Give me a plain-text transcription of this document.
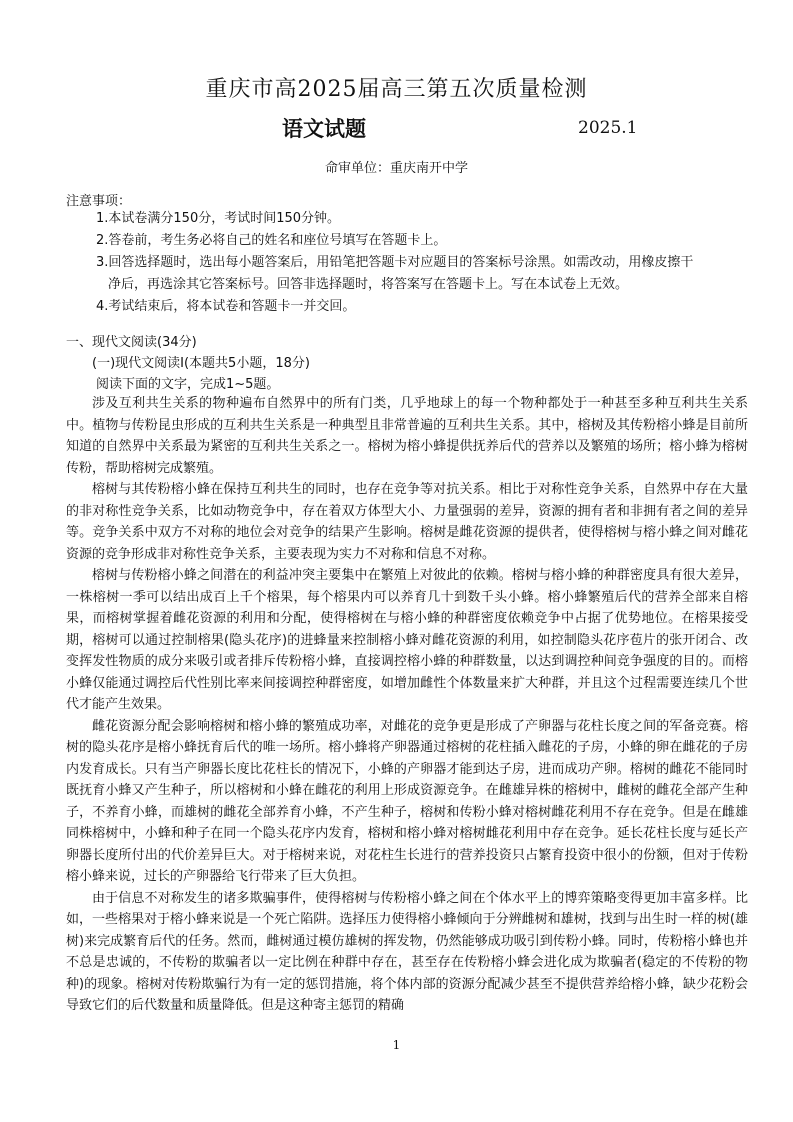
重庆市高2025届高三第五次质量检测
语文试题	2025.1
命审单位：重庆南开中学
注意事项：
1.本试卷满分150分，考试时间150分钟。
2.答卷前，考生务必将自己的姓名和座位号填写在答题卡上。
3.回答选择题时，选出每小题答案后，用铅笔把答题卡对应题目的答案标号涂黑。如需改动，用橡皮擦干
净后，再选涂其它答案标号。回答非选择题时，将答案写在答题卡上。写在本试卷上无效。
4.考试结束后，将本试卷和答题卡一并交回。
一、现代文阅读(34分)
(一)现代文阅读Ⅰ(本题共5小题，18分)
阅读下面的文字，完成1~5题。

涉及互利共生关系的物种遍布自然界中的所有门类，几乎地球上的每一个物种都处于一种甚至多种互利共生关系中。植物与传粉昆虫形成的互利共生关系是一种典型且非常普遍的互利共生关系。其中，榕树及其传粉榕小蜂是目前所知道的自然界中关系最为紧密的互利共生关系之一。榕树为榕小蜂提供抚养后代的营养以及繁殖的场所；榕小蜂为榕树传粉，帮助榕树完成繁殖。

榕树与其传粉榕小蜂在保持互利共生的同时，也存在竞争等对抗关系。相比于对称性竞争关系，自然界中存在大量的非对称性竞争关系，比如动物竞争中，存在着双方体型大小、力量强弱的差异，资源的拥有者和非拥有者之间的差异等。竞争关系中双方不对称的地位会对竞争的结果产生影响。榕树是雌花资源的提供者，使得榕树与榕小蜂之间对雌花资源的竞争形成非对称性竞争关系，主要表现为实力不对称和信息不对称。

榕树与传粉榕小蜂之间潜在的利益冲突主要集中在繁殖上对彼此的依赖。榕树与榕小蜂的种群密度具有很大差异，一株榕树一季可以结出成百上千个榕果，每个榕果内可以养育几十到数千头小蜂。榕小蜂繁殖后代的营养全部来自榕果，而榕树掌握着雌花资源的利用和分配，使得榕树在与榕小蜂的种群密度依赖竞争中占据了优势地位。在榕果接受期，榕树可以通过控制榕果(隐头花序)的进蜂量来控制榕小蜂对雌花资源的利用，如控制隐头花序苞片的张开闭合、改变挥发性物质的成分来吸引或者排斥传粉榕小蜂，直接调控榕小蜂的种群数量，以达到调控种间竞争强度的目的。而榕小蜂仅能通过调控后代性别比率来间接调控种群密度，如增加雌性个体数量来扩大种群，并且这个过程需要连续几个世代才能产生效果。

雌花资源分配会影响榕树和榕小蜂的繁殖成功率，对雌花的竞争更是形成了产卵器与花柱长度之间的军备竞赛。榕树的隐头花序是榕小蜂抚育后代的唯一场所。榕小蜂将产卵器通过榕树的花柱插入雌花的子房，小蜂的卵在雌花的子房内发育成长。只有当产卵器长度比花柱长的情况下，小蜂的产卵器才能到达子房，进而成功产卵。榕树的雌花不能同时既抚育小蜂又产生种子，所以榕树和小蜂在雌花的利用上形成资源竞争。在雌雄异株的榕树中，雌树的雌花全部产生种子，不养育小蜂，而雄树的雌花全部养育小蜂，不产生种子，榕树和传粉小蜂对榕树雌花利用不存在竞争。但是在雌雄同株榕树中，小蜂和种子在同一个隐头花序内发育，榕树和榕小蜂对榕树雌花利用中存在竞争。延长花柱长度与延长产卵器长度所付出的代价差异巨大。对于榕树来说，对花柱生长进行的营养投资只占繁育投资中很小的份额，但对于传粉榕小蜂来说，过长的产卵器给飞行带来了巨大负担。

由于信息不对称发生的诸多欺骗事件，使得榕树与传粉榕小蜂之间在个体水平上的博弈策略变得更加丰富多样。比如，一些榕果对于榕小蜂来说是一个死亡陷阱。选择压力使得榕小蜂倾向于分辨雌树和雄树，找到与出生时一样的树(雄树)来完成繁育后代的任务。然而，雌树通过模仿雄树的挥发物，仍然能够成功吸引到传粉小蜂。同时，传粉榕小蜂也并不总是忠诚的，不传粉的欺骗者以一定比例在种群中存在，甚至存在传粉榕小蜂会进化成为欺骗者(稳定的不传粉的物种)的现象。榕树对传粉欺骗行为有一定的惩罚措施，将个体内部的资源分配减少甚至不提供营养给榕小蜂，缺少花粉会导致它们的后代数量和质量降低。但是这种寄主惩罚的精确

1
